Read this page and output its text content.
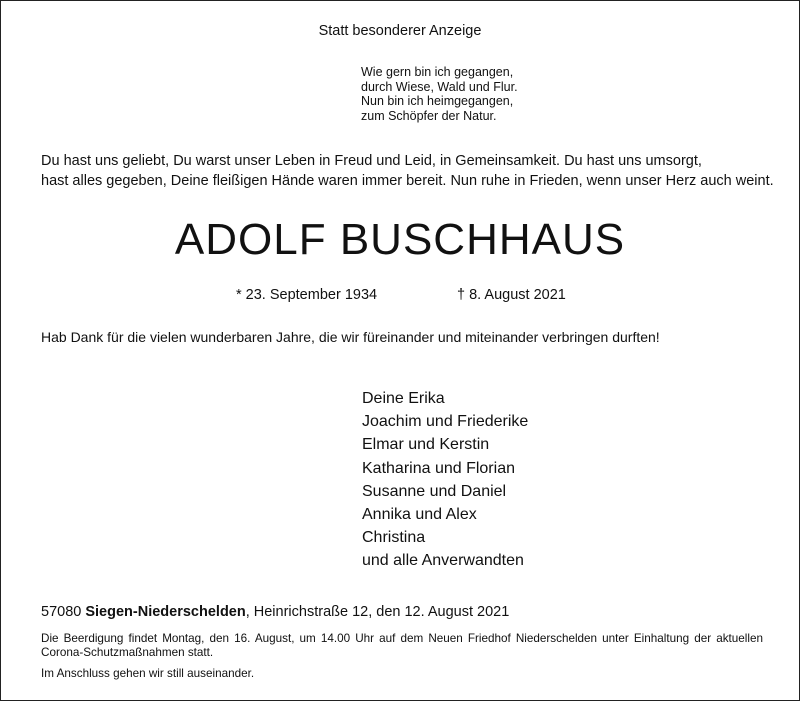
Statt besonderer Anzeige
Wie gern bin ich gegangen,
durch Wiese, Wald und Flur.
Nun bin ich heimgegangen,
zum Schöpfer der Natur.
Du hast uns geliebt, Du warst unser Leben in Freud und Leid, in Gemeinsamkeit. Du hast uns umsorgt,
hast alles gegeben, Deine fleißigen Hände waren immer bereit. Nun ruhe in Frieden, wenn unser Herz auch weint.
ADOLF BUSCHHAUS
* 23. September 1934	† 8. August 2021
Hab Dank für die vielen wunderbaren Jahre, die wir füreinander und miteinander verbringen durften!
Deine Erika
Joachim und Friederike
Elmar und Kerstin
Katharina und Florian
Susanne und Daniel
Annika und Alex
Christina
und alle Anverwandten
57080 Siegen-Niederschelden, Heinrichstraße 12, den 12. August 2021
Die Beerdigung findet Montag, den 16. August, um 14.00 Uhr auf dem Neuen Friedhof Niederschelden unter Einhaltung der aktuellen Corona-Schutzmaßnahmen statt.
Im Anschluss gehen wir still auseinander.
